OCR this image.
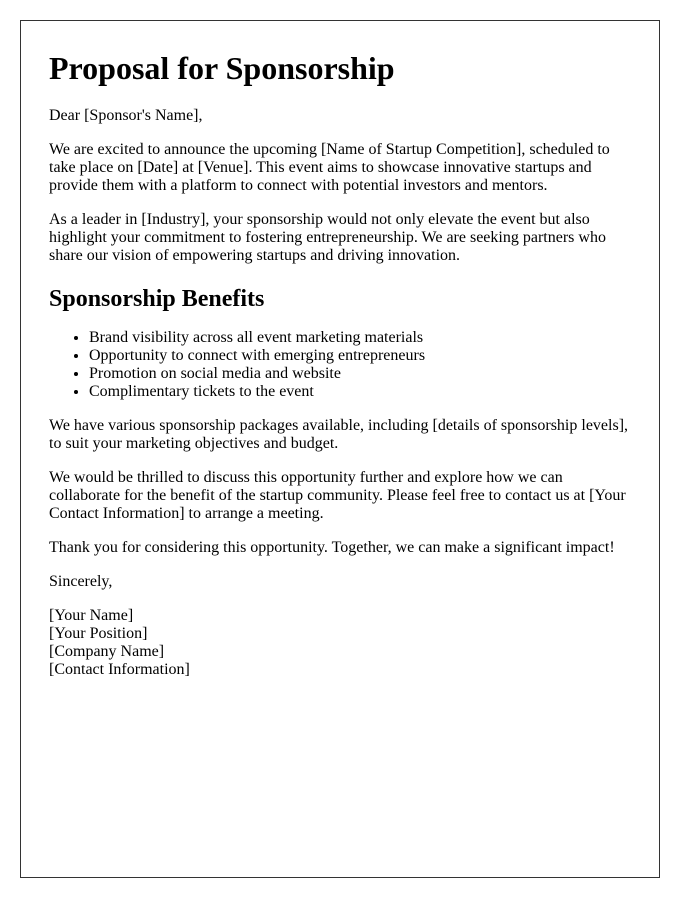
Proposal for Sponsorship

Dear [Sponsor's Name],

We are excited to announce the upcoming [Name of Startup Competition], scheduled to take place on [Date] at [Venue]. This event aims to showcase innovative startups and provide them with a platform to connect with potential investors and mentors.

As a leader in [Industry], your sponsorship would not only elevate the event but also highlight your commitment to fostering entrepreneurship. We are seeking partners who share our vision of empowering startups and driving innovation.

Sponsorship Benefits
• Brand visibility across all event marketing materials
• Opportunity to connect with emerging entrepreneurs
• Promotion on social media and website
• Complimentary tickets to the event

We have various sponsorship packages available, including [details of sponsorship levels], to suit your marketing objectives and budget.

We would be thrilled to discuss this opportunity further and explore how we can collaborate for the benefit of the startup community. Please feel free to contact us at [Your Contact Information] to arrange a meeting.

Thank you for considering this opportunity. Together, we can make a significant impact!

Sincerely,

[Your Name]
[Your Position]
[Company Name]
[Contact Information]
